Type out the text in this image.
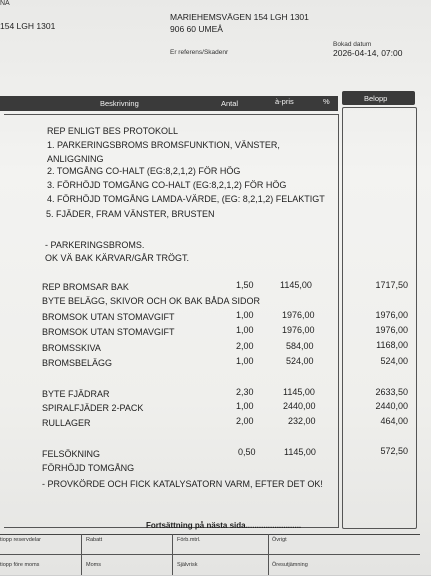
NA
154 LGH 1301
MARIEHEMSVÄGEN 154 LGH 1301
906 60 UMEÅ
Er referens/Skadenr
Bokad datum
2026-04-14, 07:00
Beskrivning	Antal	à-pris	%	Belopp
REP ENLIGT BES PROTOKOLL
1. PARKERINGSBROMS BROMSFUNKTION, VÄNSTER,
ANLIGGNING
2. TOMGÅNG CO-HALT (EG:8,2,1,2) FÖR HÖG
3. FÖRHÖJD TOMGÅNG CO-HALT (EG:8,2,1,2) FÖR HÖG
4. FÖRHÖJD TOMGÅNG LAMDA-VÄRDE, (EG: 8,2,1,2) FELAKTIGT
5. FJÄDER, FRAM VÄNSTER, BRUSTEN
- PARKERINGSBROMS.
OK VÄ BAK KÄRVAR/GÅR TRÖGT.
REP BROMSAR BAK	1,50	1145,00	1717,50
BYTE BELÄGG, SKIVOR OCH OK BAK BÅDA SIDOR
BROMSOK UTAN STOMAVGIFT	1,00	1976,00	1976,00
BROMSOK UTAN STOMAVGIFT	1,00	1976,00	1976,00
BROMSSKIVA	2,00	584,00	1168,00
BROMSBELÄGG	1,00	524,00	524,00
BYTE FJÄDRAR	2,30	1145,00	2633,50
SPIRALFJÄDER 2-PACK	1,00	2440,00	2440,00
RULLAGER	2,00	232,00	464,00
FELSÖKNING	0,50	1145,00	572,50
FÖRHÖJD TOMGÅNG
- PROVKÖRDE OCH FICK KATALYSATORN VARM, EFTER DET OK!
Fortsättning på nästa sida.........................
tiopp reservdelar	Rabatt	Förb.mtrl.	Övrigt
tiopp före moms	Moms	Självrisk	Öresutjämning
